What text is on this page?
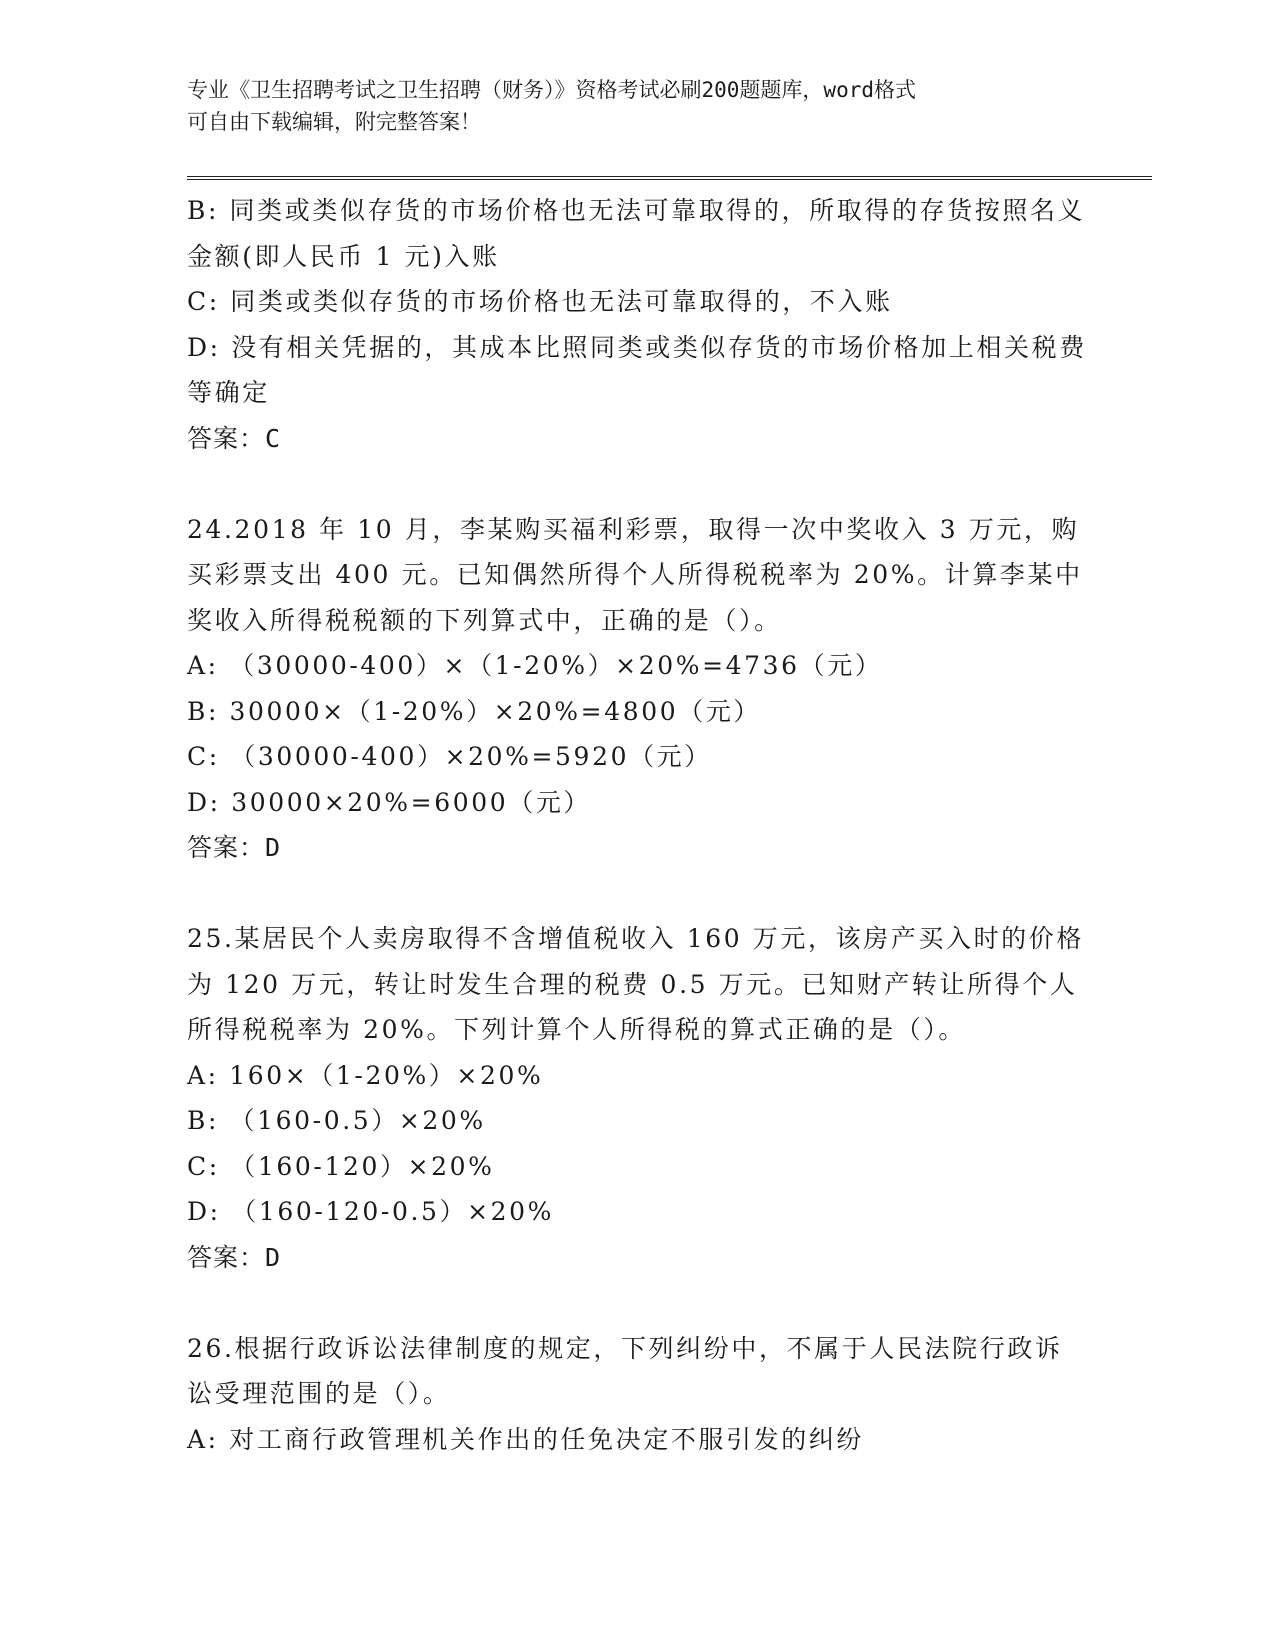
专业《卫生招聘考试之卫生招聘（财务）》资格考试必刷200题题库，word格式
可自由下载编辑，附完整答案！

B: 同类或类似存货的市场价格也无法可靠取得的，所取得的存货按照名义金额(即人民币 1 元)入账

C: 同类或类似存货的市场价格也无法可靠取得的，不入账

D: 没有相关凭据的，其成本比照同类或类似存货的市场价格加上相关税费等确定

答案：C

24.2018 年 10 月，李某购买福利彩票，取得一次中奖收入 3 万元，购买彩票支出 400 元。已知偶然所得个人所得税税率为 20%。计算李某中奖收入所得税税额的下列算式中，正确的是（）。

A: （30000-400）×（1-20%）×20%=4736（元）

B: 30000×（1-20%）×20%=4800（元）

C: （30000-400）×20%=5920（元）

D: 30000×20%=6000（元）

答案：D

25.某居民个人卖房取得不含增值税收入 160 万元，该房产买入时的价格为 120 万元，转让时发生合理的税费 0.5 万元。已知财产转让所得个人所得税税率为 20%。下列计算个人所得税的算式正确的是（）。

A: 160×（1-20%）×20%

B: （160-0.5）×20%

C: （160-120）×20%

D: （160-120-0.5）×20%

答案：D

26.根据行政诉讼法律制度的规定，下列纠纷中，不属于人民法院行政诉讼受理范围的是（）。

A: 对工商行政管理机关作出的任免决定不服引发的纠纷
